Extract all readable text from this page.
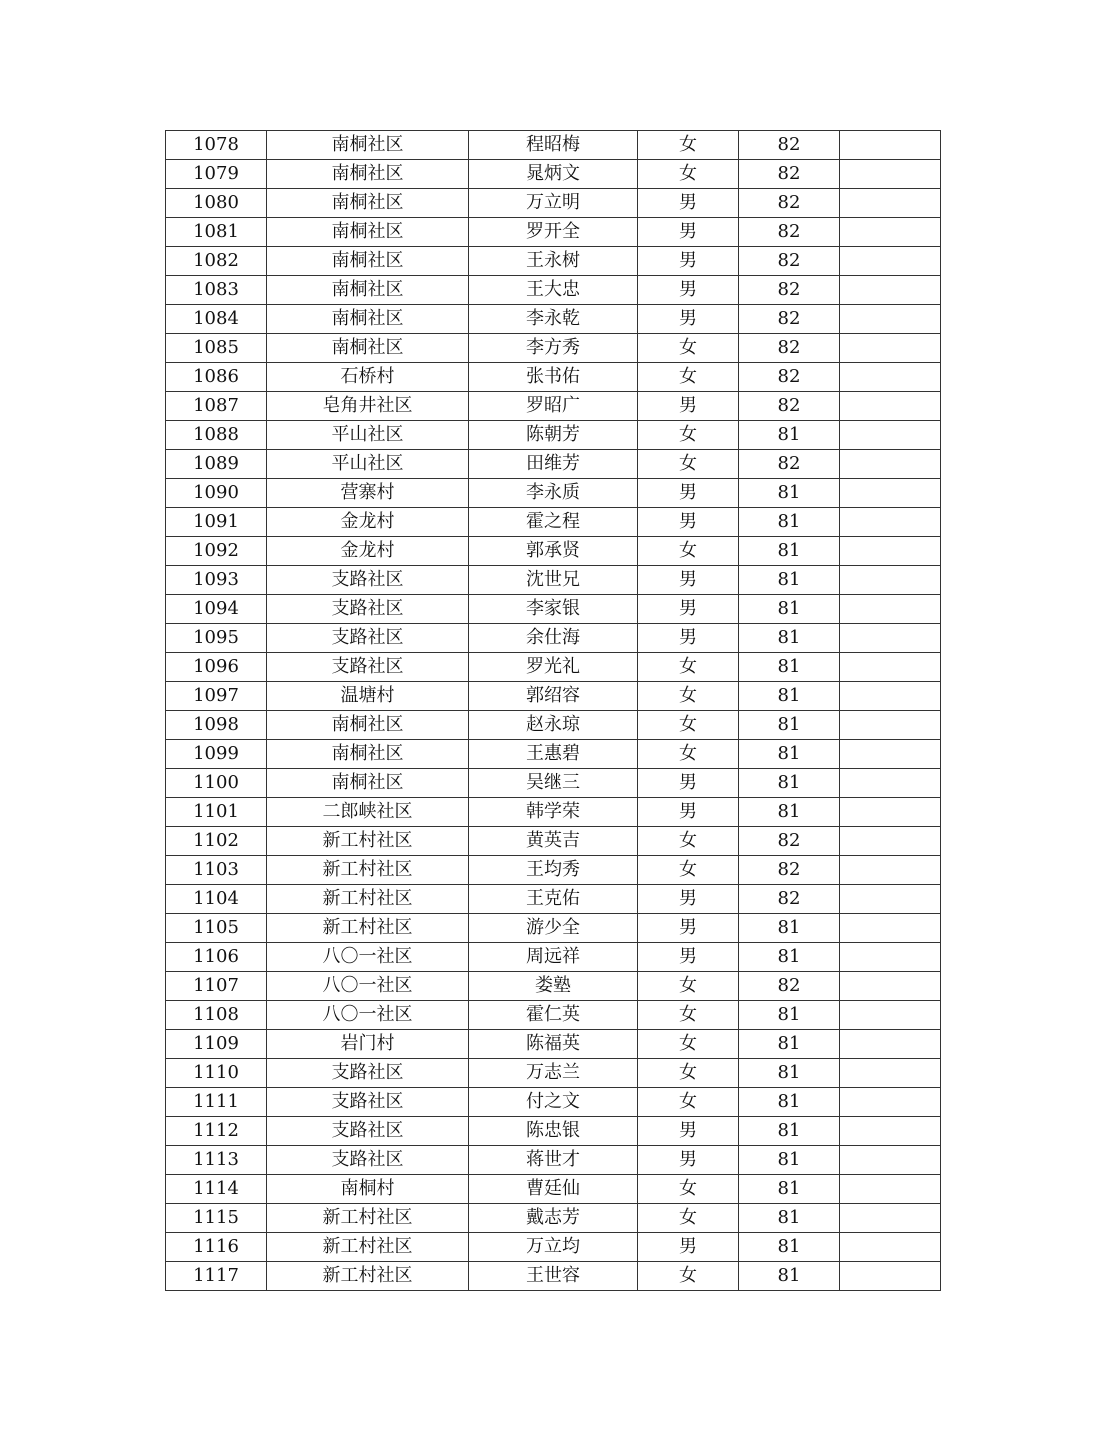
1078	南桐社区	程昭梅	女	82	
1079	南桐社区	晁炳文	女	82	
1080	南桐社区	万立明	男	82	
1081	南桐社区	罗开全	男	82	
1082	南桐社区	王永树	男	82	
1083	南桐社区	王大忠	男	82	
1084	南桐社区	李永乾	男	82	
1085	南桐社区	李方秀	女	82	
1086	石桥村	张书佑	女	82	
1087	皂角井社区	罗昭广	男	82	
1088	平山社区	陈朝芳	女	81	
1089	平山社区	田维芳	女	82	
1090	营寨村	李永质	男	81	
1091	金龙村	霍之程	男	81	
1092	金龙村	郭承贤	女	81	
1093	支路社区	沈世兄	男	81	
1094	支路社区	李家银	男	81	
1095	支路社区	余仕海	男	81	
1096	支路社区	罗光礼	女	81	
1097	温塘村	郭绍容	女	81	
1098	南桐社区	赵永琼	女	81	
1099	南桐社区	王惠碧	女	81	
1100	南桐社区	吴继三	男	81	
1101	二郎峡社区	韩学荣	男	81	
1102	新工村社区	黄英吉	女	82	
1103	新工村社区	王均秀	女	82	
1104	新工村社区	王克佑	男	82	
1105	新工村社区	游少全	男	81	
1106	八〇一社区	周远祥	男	81	
1107	八〇一社区	娄塾	女	82	
1108	八〇一社区	霍仁英	女	81	
1109	岩门村	陈福英	女	81	
1110	支路社区	万志兰	女	81	
1111	支路社区	付之文	女	81	
1112	支路社区	陈忠银	男	81	
1113	支路社区	蒋世才	男	81	
1114	南桐村	曹廷仙	女	81	
1115	新工村社区	戴志芳	女	81	
1116	新工村社区	万立均	男	81	
1117	新工村社区	王世容	女	81	
